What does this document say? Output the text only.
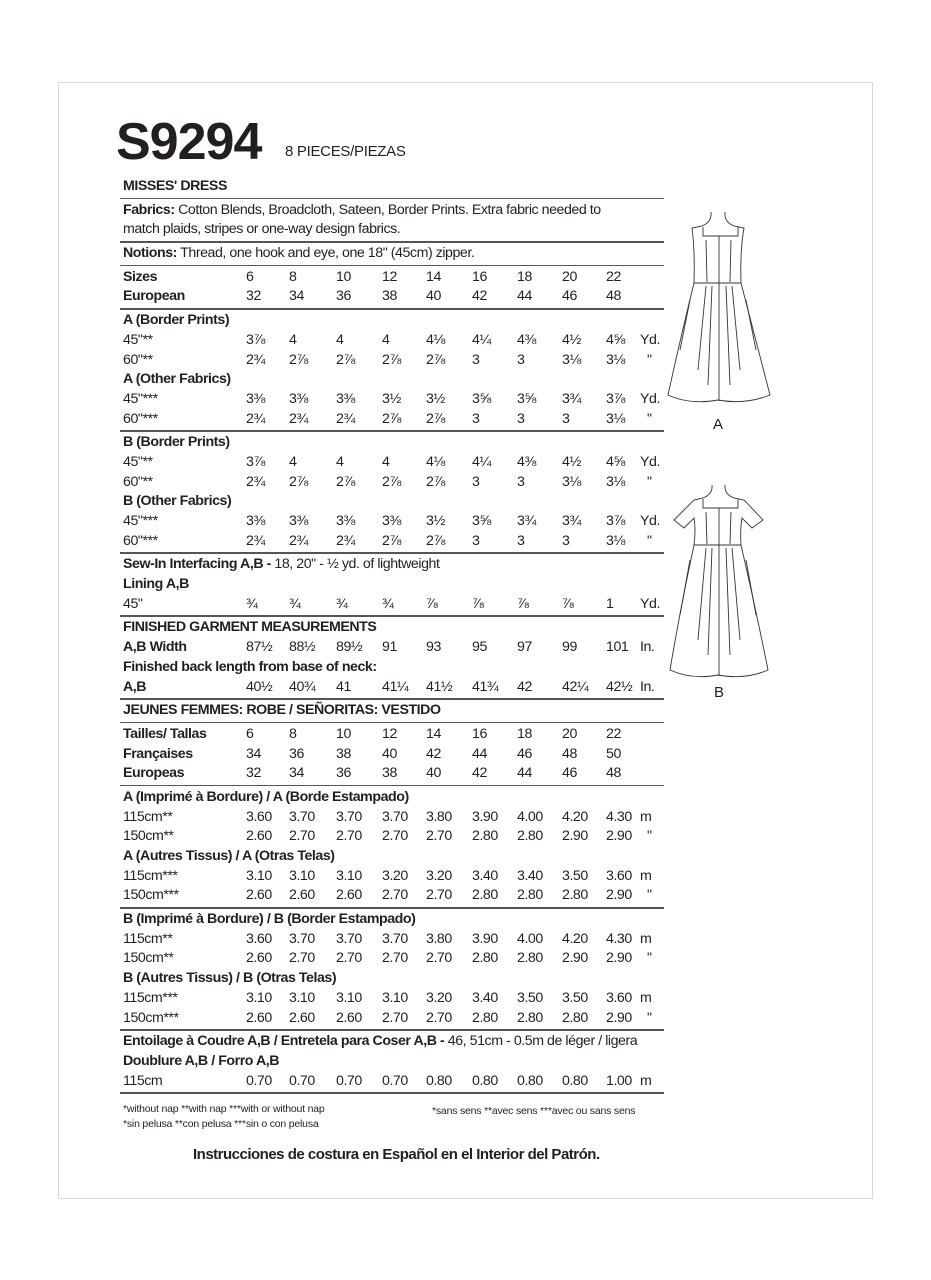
S9294 8 PIECES/PIEZAS
MISSES' DRESS
Fabrics: Cotton Blends, Broadcloth, Sateen, Border Prints. Extra fabric needed to
match plaids, stripes or one-way design fabrics.
Notions: Thread, one hook and eye, one 18" (45cm) zipper.
Sizes	6	8	10 12 14 16 18 20 22
European	32 34 36 38 40 42 44 46 48
A (Border Prints)
45"**	3⅞ 4	4	4	4⅛ 4¼ 4⅜ 4½ 4⅝ Yd.
60"**	2¾ 2⅞ 2⅞ 2⅞ 2⅞ 3	3	3⅛ 3⅛ "
A (Other Fabrics)
45"***	3⅜ 3⅜ 3⅜ 3½ 3½ 3⅝ 3⅝ 3¾ 3⅞ Yd.
60"***	2¾ 2¾ 2¾ 2⅞ 2⅞ 3	3	3	3⅛ "
B (Border Prints)
45"**	3⅞ 4	4	4	4⅛ 4¼ 4⅜ 4½ 4⅝ Yd.
60"**	2¾ 2⅞ 2⅞ 2⅞ 2⅞ 3	3	3⅛ 3⅛ "
B (Other Fabrics)
45"***	3⅜ 3⅜ 3⅜ 3⅜ 3½ 3⅝ 3¾ 3¾ 3⅞ Yd.
60"***	2¾ 2¾ 2¾ 2⅞ 2⅞ 3	3	3	3⅛ "
Sew-In Interfacing A,B - 18, 20" - ½ yd. of lightweight
Lining A,B
45"	¾ ¾	¾ ¾ ⅞ ⅞ ⅞ ⅞ 1 Yd.
FINISHED GARMENT MEASUREMENTS
A,B Width	87½ 88½ 89½ 91 93 95 97 99 101 In.
Finished back length from base of neck:
A,B	40½ 40¾ 41 41¼ 41½ 41¾ 42 42¼ 42½ In.
JEUNES FEMMES: ROBE / SEÑORITAS: VESTIDO
Tailles/ Tallas	6	8	10 12 14 16 18 20 22
Françaises	34 36 38 40 42 44 46 48 50
Europeas	32 34 36 38 40 42 44 46 48
A (Imprimé à Bordure) / A (Borde Estampado)
115cm**	3.60 3.70 3.70 3.70 3.80 3.90 4.00 4.20 4.30 m
150cm**	2.60 2.70 2.70 2.70 2.70 2.80 2.80 2.90 2.90 "
A (Autres Tissus) / A (Otras Telas)
115cm***	3.10 3.10 3.10 3.20 3.20 3.40 3.40 3.50 3.60 m
150cm***	2.60 2.60 2.60 2.70 2.70 2.80 2.80 2.80 2.90 "
B (Imprimé à Bordure) / B (Border Estampado)
115cm**	3.60 3.70 3.70 3.70 3.80 3.90 4.00 4.20 4.30 m
150cm**	2.60 2.70 2.70 2.70 2.70 2.80 2.80 2.90 2.90 "
B (Autres Tissus) / B (Otras Telas)
115cm***	3.10 3.10 3.10 3.10 3.20 3.40 3.50 3.50 3.60 m
150cm***	2.60 2.60 2.60 2.70 2.70 2.80 2.80 2.80 2.90 "
Entoilage à Coudre A,B / Entretela para Coser A,B - 46, 51cm - 0.5m de léger / ligera
Doublure A,B / Forro A,B
115cm	0.70 0.70 0.70 0.70 0.80 0.80 0.80 0.80 1.00 m
A
B
*without nap **with nap ***with or without nap
*sin pelusa **con pelusa ***sin o con pelusa
*sans sens **avec sens ***avec ou sans sens
Instrucciones de costura en Español en el Interior del Patrón.
